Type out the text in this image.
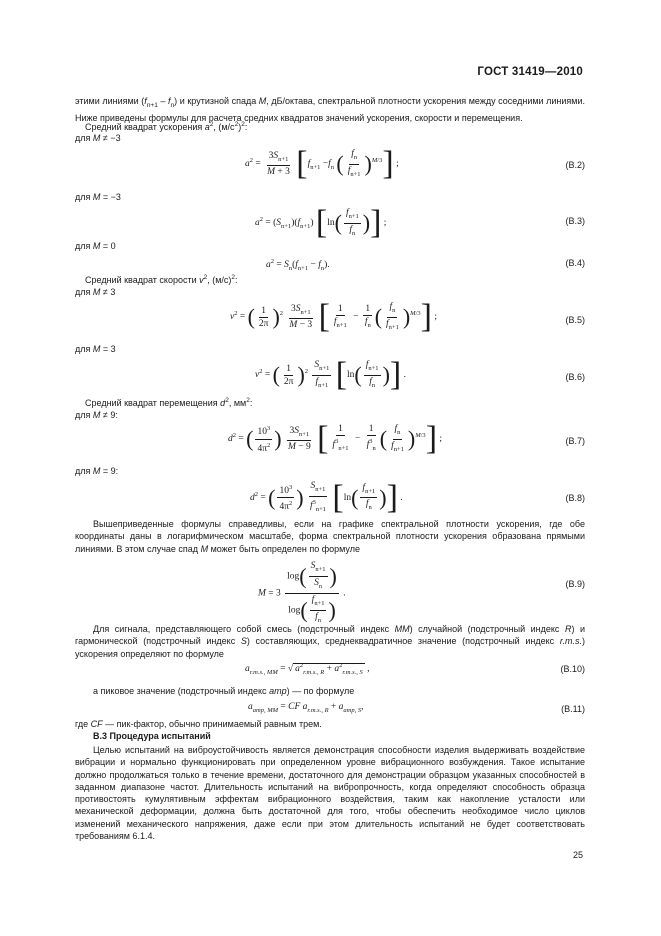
ГОСТ 31419—2010
этими линиями $(f_{n+1} - f_n)$ и крутизной спада M, дБ/октава, спектральной плотности ускорения между соседними линиями. Ниже приведены формулы для расчета средних квадратов значений ускорения, скорости и перемещения.
Средний квадрат ускорения $a^2$, $(м/с^2)^2$:
для M ≠ −3
$a^2 = \frac{3S_{n+1}}{M + 3} [f_{n+1} -f_n$ ( $\frac{f_n}{f_{n+1}} )^{M/3}$] ;	(B.2)
для M = −3
$a^2 = (S_{n+1})(f_{n+1})$ [$\ln( \frac{f_{n+1}}{f_n}$ )] ;	(B.3)
для M = 0
$a^2 = S_n(f_{n+1} - f_n)$.	(B.4)
Средний квадрат скорости $v^2$, $(м/с)^2$:
для M ≠ 3
$v^2$ = ( $\frac{1}{2\pi} )^2 \frac{3S_{n+1}}{M - 3}$ [ $\frac{1}{f_{n+1}} - \frac{1}{f_n}$ ( $\frac{f_n}{f_{n+1}} )^{M/3}$] ;	(B.5)
для M = 3
$v^2$ = ( $\frac{1}{2\pi} )^2 \frac{S_{n+1}}{f_{n+1}} [\ln( \frac{f_{n+1}}{f_n}$ )] .	(B.6)
Средний квадрат перемещения $d^2$, $мм^2$:
для M ≠ 9:
$d^2$ = ( $\frac{10^3}{4\pi^2}$ ) $\frac{3S_{n+1}}{M - 9}$ [ $\frac{1}{f^3_{n+1}} - \frac{1}{f^3_n}$ ( $\frac{f_n}{f_{n+1}} )^{M/3}$] ;	(B.7)
для M = 9:
$d^2$ = ( $\frac{10^3}{4\pi^2}$ ) $\frac{S_{n+1}}{f^3_{n+1}} [\ln( \frac{f_{n+1}}{f_n}$ )] .	(B.8)
Вышеприведенные формулы справедливы, если на графике спектральной плотности ускорения, где обе координаты даны в логарифмическом масштабе, форма спектральной плотности ускорения образована прямыми линиями. В этом случае спад M может быть определен по формуле
$M = 3 \frac{\log( \frac{S_{n+1}}{S_n} )}{\log( \frac{f_{n+1}}{f_n} )}$ .
(B.9)
Для сигнала, представляющего собой смесь (подстрочный индекс MM) случайной (подстрочный индекс R) и гармонической (подстрочный индекс S) составляющих, среднеквадратичное значение (подстрочный индекс r.m.s.) ускорения определяют по формуле
$a_{r.m.s., MM}$ = √ $a^2_{r.m.s., R} + a^2_{r.m.s., S}$ ,	(B.10)
а пиковое значение (подстрочный индекс amp) — по формуле
$a_{amp, MM}$ = CF $a_{r.m.s., R} + a_{amp, S}$,	(B.11)
где CF — пик-фактор, обычно принимаемый равным трем.
В.3 Процедура испытаний
Целью испытаний на виброустойчивость является демонстрация способности изделия выдерживать воздействие вибрации и нормально функционировать при определенном уровне вибрационного возбуждения. Такое испытание должно продолжаться только в течение времени, достаточного для демонстрации образцом указанных способностей в заданном диапазоне частот. Длительность испытаний на вибропрочность, когда определяют способность образца противостоять кумулятивным эффектам вибрационного воздействия, таким как накопление усталости или механической деформации, должна быть достаточной для того, чтобы обеспечить необходимое число циклов изменений механического напряжения, даже если при этом длительность испытаний не будет соответствовать требованиям 6.1.4.
25
